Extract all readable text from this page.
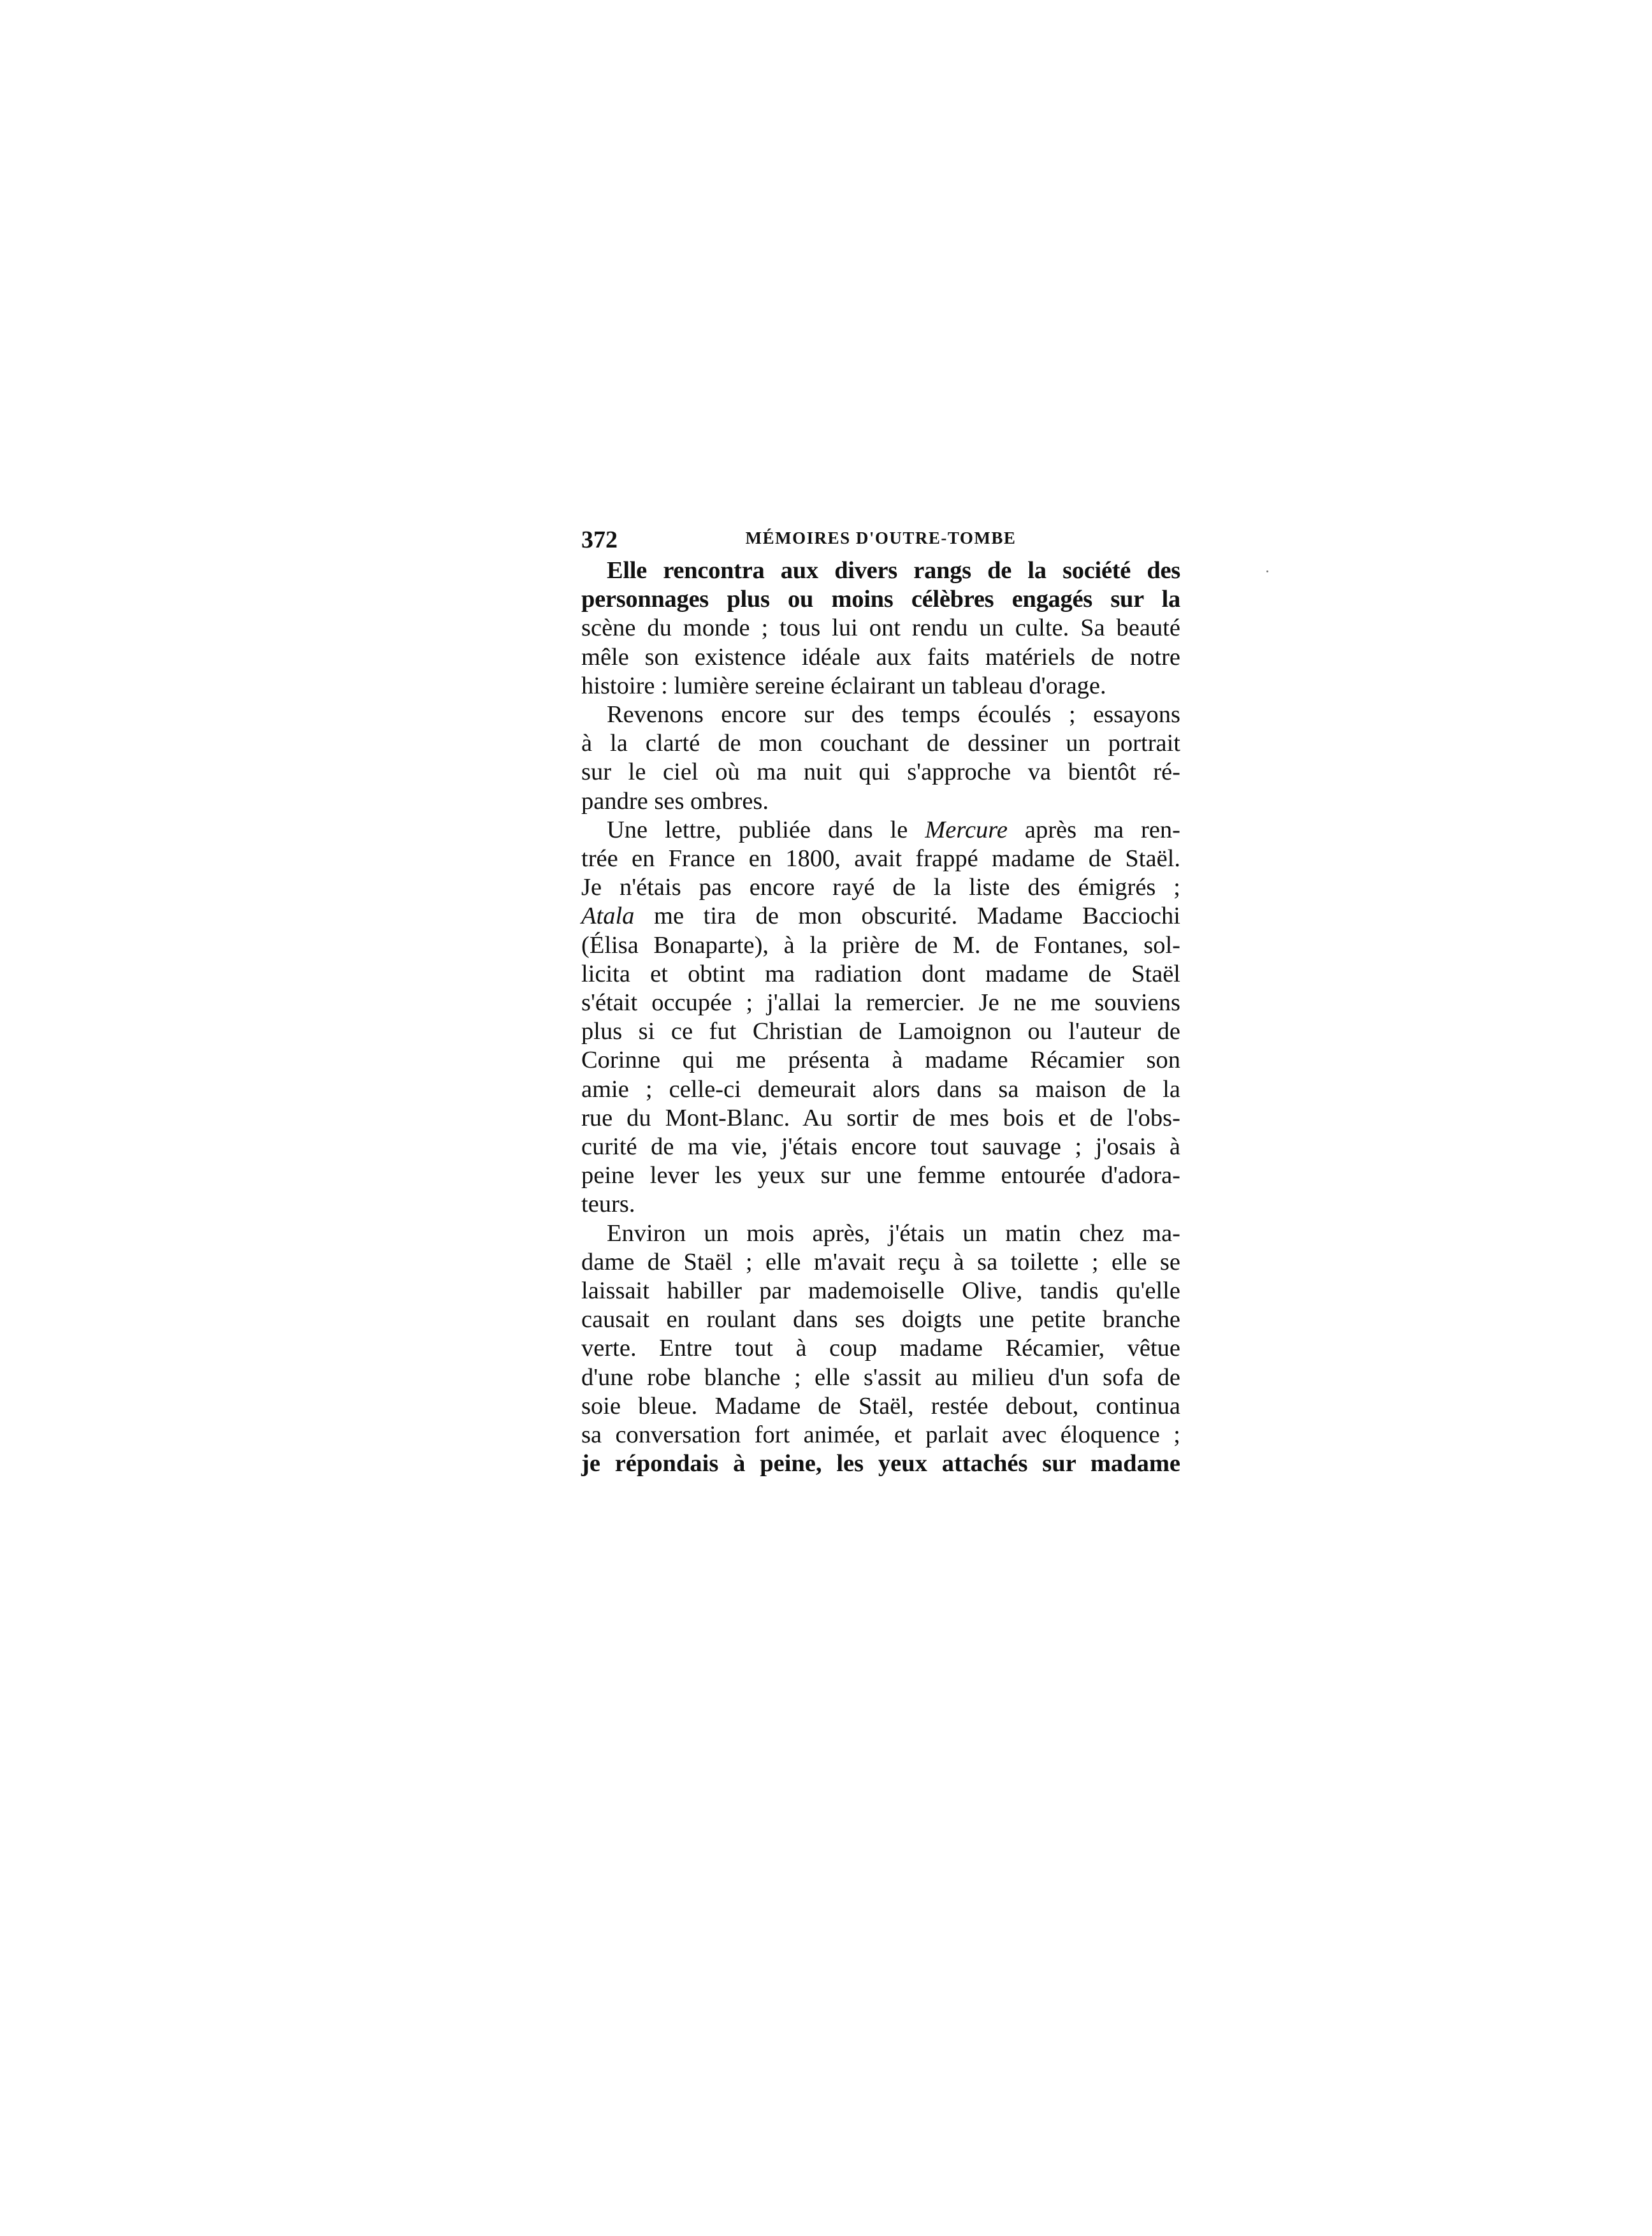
372	MÉMOIRES D'OUTRE-TOMBE

Elle rencontra aux divers rangs de la société des
personnages plus ou moins célèbres engagés sur la
scène du monde ; tous lui ont rendu un culte. Sa beauté
mêle son existence idéale aux faits matériels de notre
histoire : lumière sereine éclairant un tableau d'orage.

Revenons encore sur des temps écoulés ; essayons
à la clarté de mon couchant de dessiner un portrait
sur le ciel où ma nuit qui s'approche va bientôt ré-
pandre ses ombres.

Une lettre, publiée dans le Mercure après ma ren-
trée en France en 1800, avait frappé madame de Staël.
Je n'étais pas encore rayé de la liste des émigrés ;
Atala me tira de mon obscurité. Madame Bacciochi
(Élisa Bonaparte), à la prière de M. de Fontanes, sol-
licita et obtint ma radiation dont madame de Staël
s'était occupée ; j'allai la remercier. Je ne me souviens
plus si ce fut Christian de Lamoignon ou l'auteur de
Corinne qui me présenta à madame Récamier son
amie ; celle-ci demeurait alors dans sa maison de la
rue du Mont-Blanc. Au sortir de mes bois et de l'obs-
curité de ma vie, j'étais encore tout sauvage ; j'osais à
peine lever les yeux sur une femme entourée d'adora-
teurs.

Environ un mois après, j'étais un matin chez ma-
dame de Staël ; elle m'avait reçu à sa toilette ; elle se
laissait habiller par mademoiselle Olive, tandis qu'elle
causait en roulant dans ses doigts une petite branche
verte. Entre tout à coup madame Récamier, vêtue
d'une robe blanche ; elle s'assit au milieu d'un sofa de
soie bleue. Madame de Staël, restée debout, continua
sa conversation fort animée, et parlait avec éloquence ;
je répondais à peine, les yeux attachés sur madame
